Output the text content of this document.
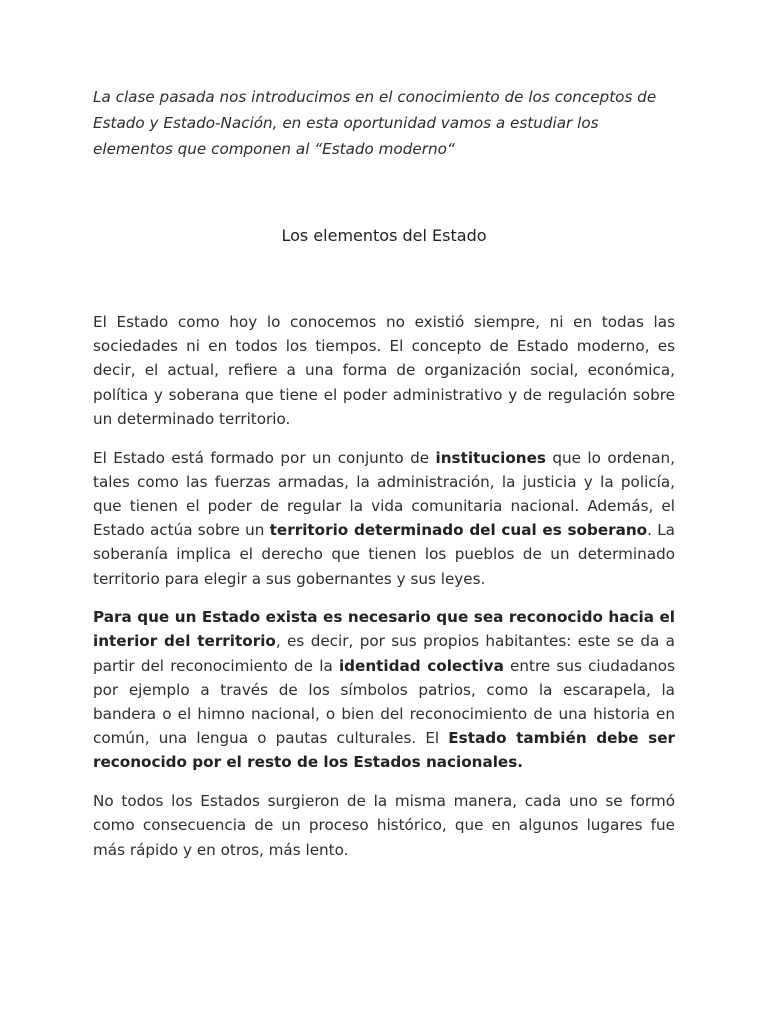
La clase pasada nos introducimos en el conocimiento de los conceptos de Estado y Estado-Nación, en esta oportunidad vamos a estudiar los elementos que componen al “Estado moderno“

Los elementos del Estado

El Estado como hoy lo conocemos no existió siempre, ni en todas las sociedades ni en todos los tiempos. El concepto de Estado moderno, es decir, el actual, refiere a una forma de organización social, económica, política y soberana que tiene el poder administrativo y de regulación sobre un determinado territorio.

El Estado está formado por un conjunto de instituciones que lo ordenan, tales como las fuerzas armadas, la administración, la justicia y la policía, que tienen el poder de regular la vida comunitaria nacional. Además, el Estado actúa sobre un territorio determinado del cual es soberano. La soberanía implica el derecho que tienen los pueblos de un determinado territorio para elegir a sus gobernantes y sus leyes.

Para que un Estado exista es necesario que sea reconocido hacia el interior del territorio, es decir, por sus propios habitantes: este se da a partir del reconocimiento de la identidad colectiva entre sus ciudadanos por ejemplo a través de los símbolos patrios, como la escarapela, la bandera o el himno nacional, o bien del reconocimiento de una historia en común, una lengua o pautas culturales. El Estado también debe ser reconocido por el resto de los Estados nacionales.

No todos los Estados surgieron de la misma manera, cada uno se formó como consecuencia de un proceso histórico, que en algunos lugares fue más rápido y en otros, más lento.
